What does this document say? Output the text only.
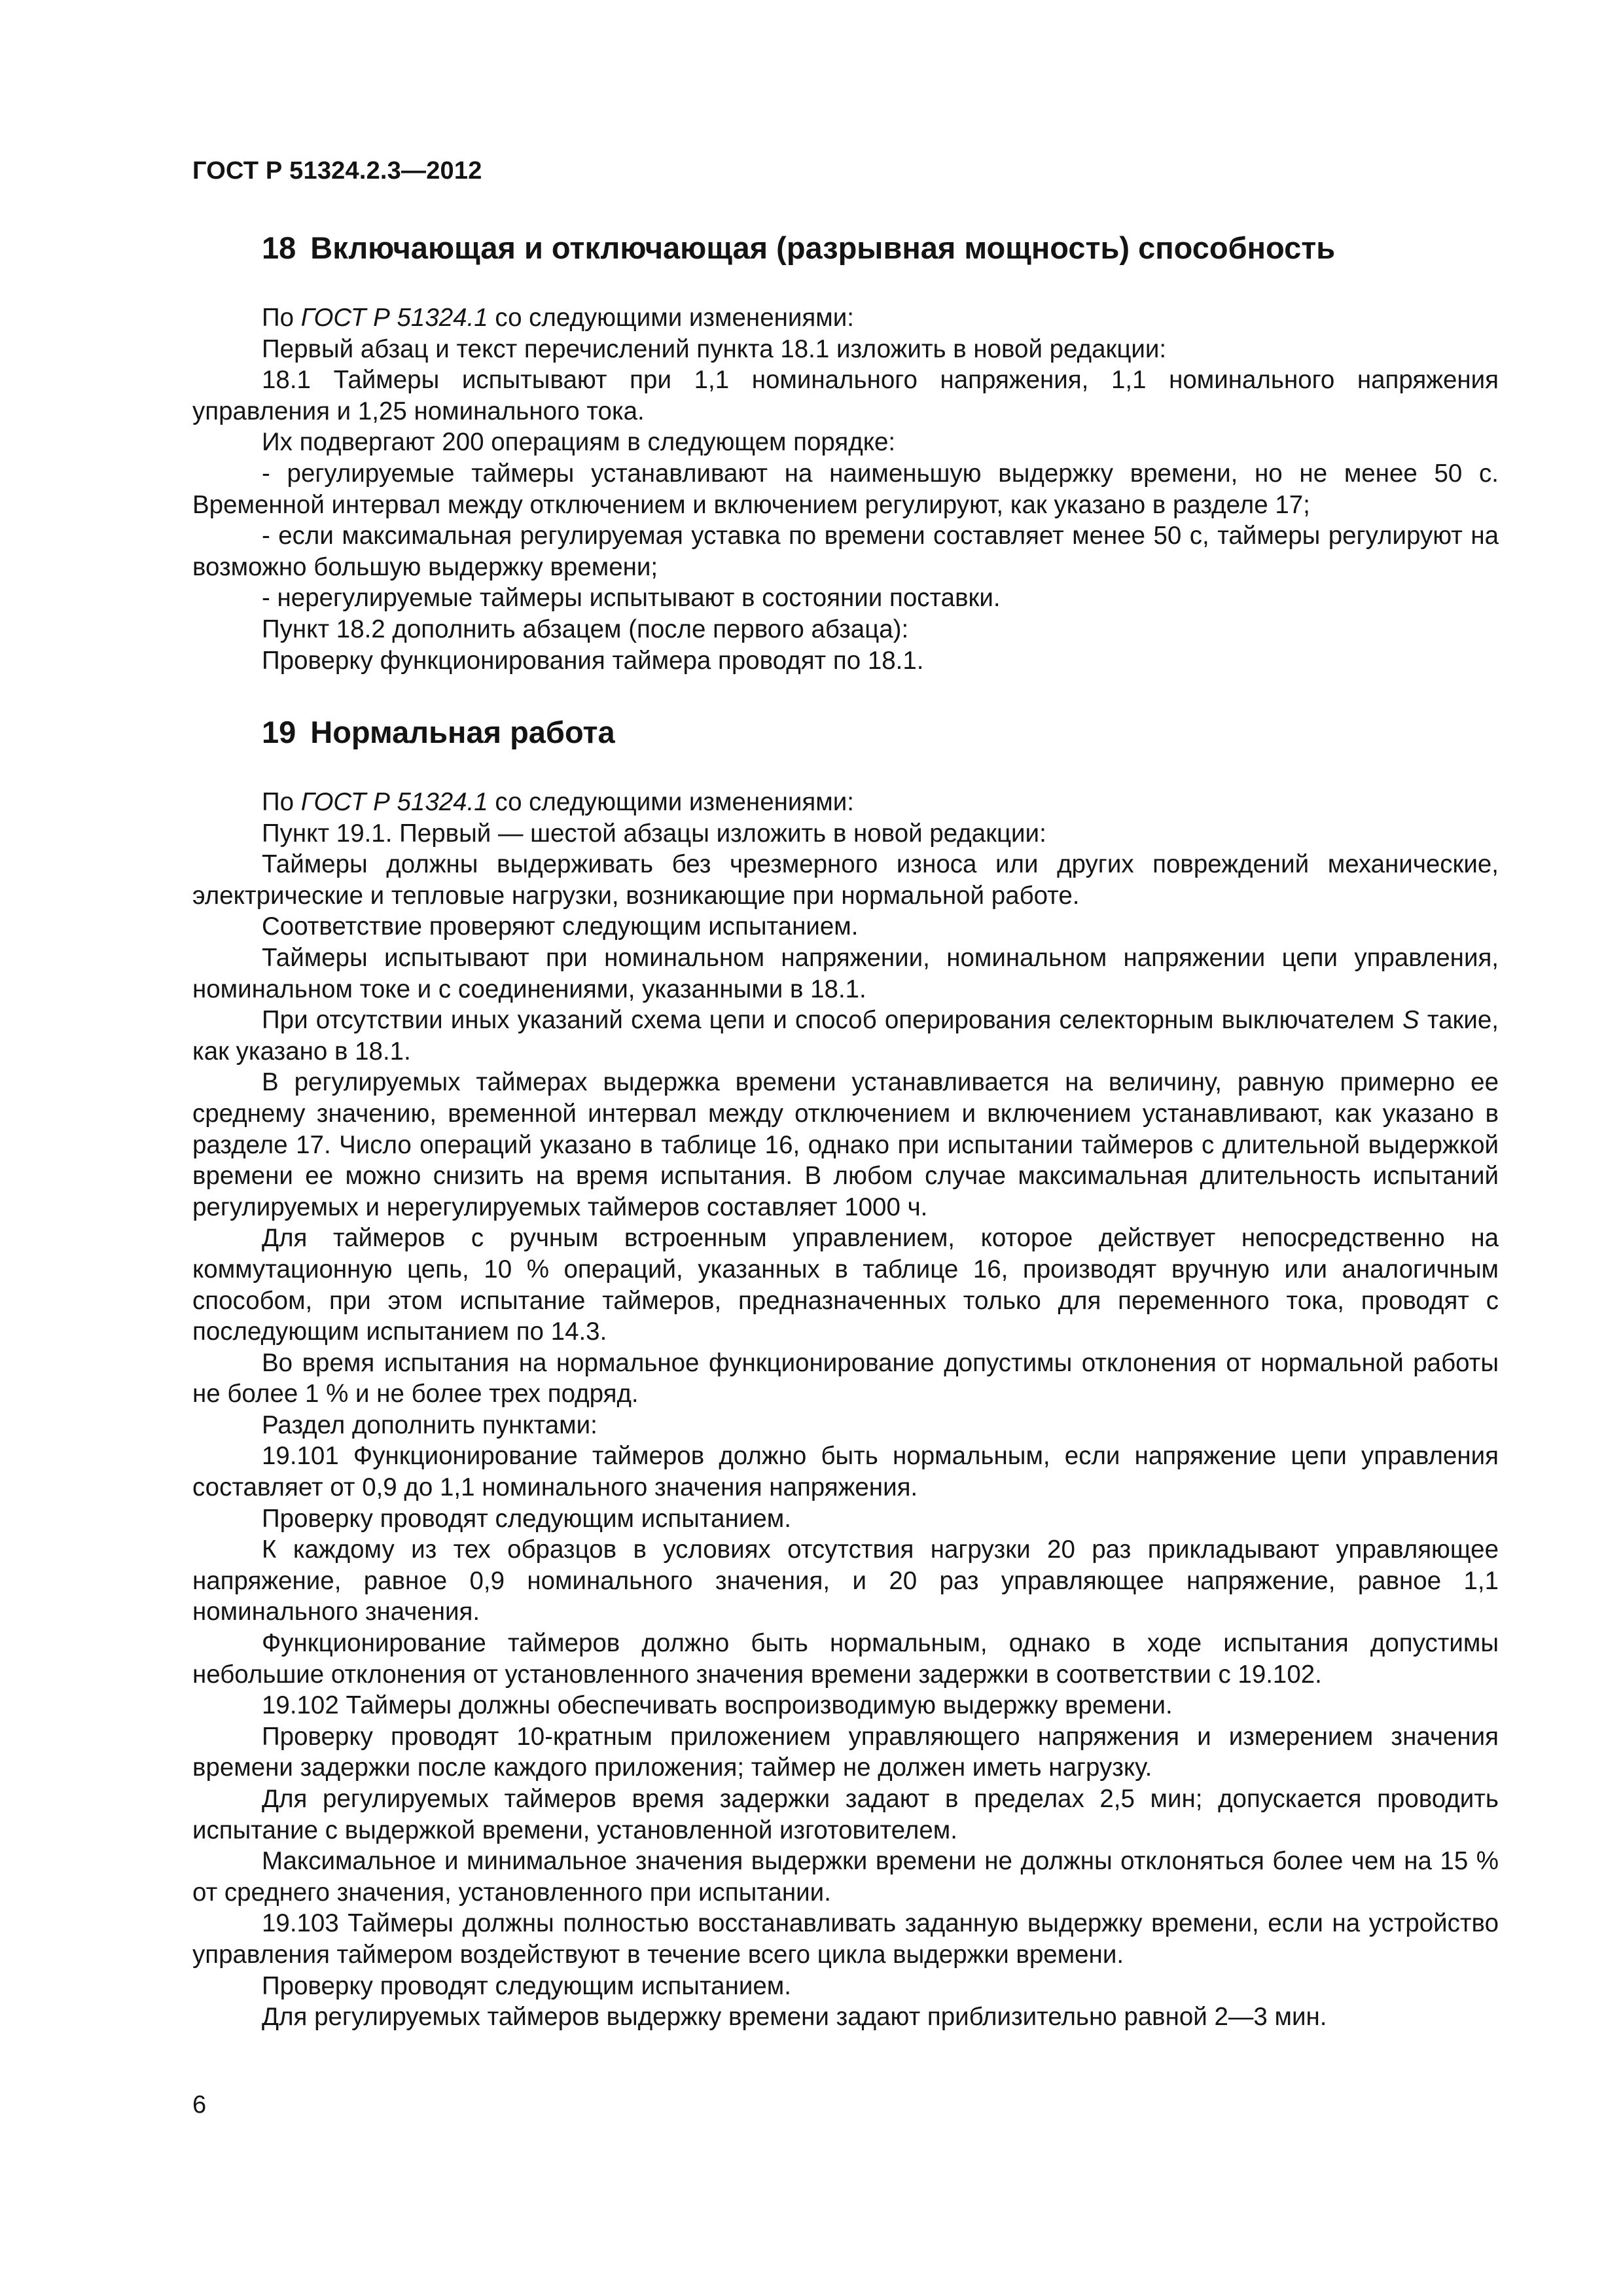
ГОСТ Р 51324.2.3—2012
18 Включающая и отключающая (разрывная мощность) способность

По ГОСТ Р 51324.1 со следующими изменениями:

Первый абзац и текст перечислений пункта 18.1 изложить в новой редакции:

18.1 Таймеры испытывают при 1,1 номинального напряжения, 1,1 номинального напряжения управления и 1,25 номинального тока.

Их подвергают 200 операциям в следующем порядке:

- регулируемые таймеры устанавливают на наименьшую выдержку времени, но не менее 50 с. Временной интервал между отключением и включением регулируют, как указано в разделе 17;

- если максимальная регулируемая уставка по времени составляет менее 50 с, таймеры регулируют на возможно большую выдержку времени;

- нерегулируемые таймеры испытывают в состоянии поставки.

Пункт 18.2 дополнить абзацем (после первого абзаца):

Проверку функционирования таймера проводят по 18.1.

19 Нормальная работа

По ГОСТ Р 51324.1 со следующими изменениями:

Пункт 19.1. Первый — шестой абзацы изложить в новой редакции:

Таймеры должны выдерживать без чрезмерного износа или других повреждений механические, электрические и тепловые нагрузки, возникающие при нормальной работе.

Соответствие проверяют следующим испытанием.

Таймеры испытывают при номинальном напряжении, номинальном напряжении цепи управления, номинальном токе и с соединениями, указанными в 18.1.

При отсутствии иных указаний схема цепи и способ оперирования селекторным выключателем S такие, как указано в 18.1.

В регулируемых таймерах выдержка времени устанавливается на величину, равную примерно ее среднему значению, временной интервал между отключением и включением устанавливают, как указано в разделе 17. Число операций указано в таблице 16, однако при испытании таймеров с длительной выдержкой времени ее можно снизить на время испытания. В любом случае максимальная длительность испытаний регулируемых и нерегулируемых таймеров составляет 1000 ч.

Для таймеров с ручным встроенным управлением, которое действует непосредственно на коммутационную цепь, 10 % операций, указанных в таблице 16, производят вручную или аналогичным способом, при этом испытание таймеров, предназначенных только для переменного тока, проводят с последующим испытанием по 14.3.

Во время испытания на нормальное функционирование допустимы отклонения от нормальной работы не более 1 % и не более трех подряд.

Раздел дополнить пунктами:

19.101 Функционирование таймеров должно быть нормальным, если напряжение цепи управления составляет от 0,9 до 1,1 номинального значения напряжения.

Проверку проводят следующим испытанием.

К каждому из тех образцов в условиях отсутствия нагрузки 20 раз прикладывают управляющее напряжение, равное 0,9 номинального значения, и 20 раз управляющее напряжение, равное 1,1 номинального значения.

Функционирование таймеров должно быть нормальным, однако в ходе испытания допустимы небольшие отклонения от установленного значения времени задержки в соответствии с 19.102.

19.102 Таймеры должны обеспечивать воспроизводимую выдержку времени.

Проверку проводят 10-кратным приложением управляющего напряжения и измерением значения времени задержки после каждого приложения; таймер не должен иметь нагрузку.

Для регулируемых таймеров время задержки задают в пределах 2,5 мин; допускается проводить испытание с выдержкой времени, установленной изготовителем.

Максимальное и минимальное значения выдержки времени не должны отклоняться более чем на 15 % от среднего значения, установленного при испытании.

19.103 Таймеры должны полностью восстанавливать заданную выдержку времени, если на устройство управления таймером воздействуют в течение всего цикла выдержки времени.

Проверку проводят следующим испытанием.

Для регулируемых таймеров выдержку времени задают приблизительно равной 2—3 мин.

6
